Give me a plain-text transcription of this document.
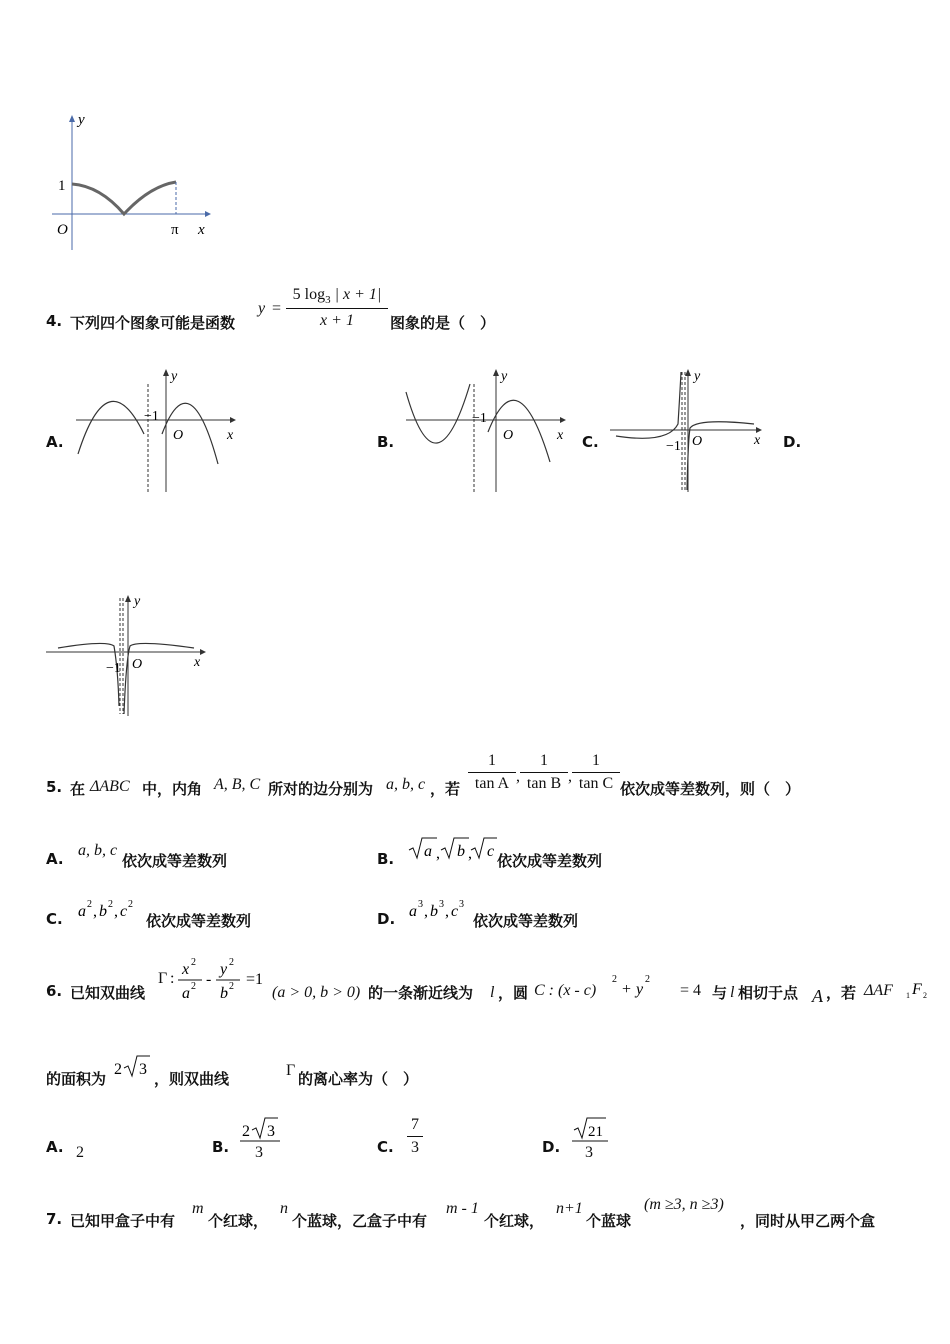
y
1
O	π x
4. 下列四个图象可能是函数
y =
5 $\log_3$ | x + 1|
x + 1	图象的是（　）
A.	B.	C.	D.
y
−1
O	x
y
−1
O	x
y
−1 O	x
y
−1 O	x
5. 在 ΔABC 中，内角 A, B, C 所对的边分别为 a, b, c ，若
1
tan A ,
1
tan B ,
1
tan C 依次成等差数列，则（　）
A. a, b, c
依次成等差数列	B. a , b , c
依次成等差数列
C. a 2 , b 2 , c 2
依次成等差数列	D. a 3 , b 3 , c 3
依次成等差数列
6. 已知双曲线
Γ :
x 2
a 2 -
y 2
b 2 =1
(a > 0, b > 0) 的一条渐近线为 l ，圆 C : (x - c)
2
+ y
2
= 4 与 l 相切于点 A ，若 ΔAF 1 F 2
的面积为
2 3
，则双曲线	Γ 的离心率为（　）
A. 2	B.
2 3
3	C.
7
3	D.
21
3
7. 已知甲盒子中有
m
个红球，
n
个蓝球，乙盒子中有
m - 1
个红球，
n+1
个蓝球
(m ≥3, n ≥3)
，同时从甲乙两个盒
